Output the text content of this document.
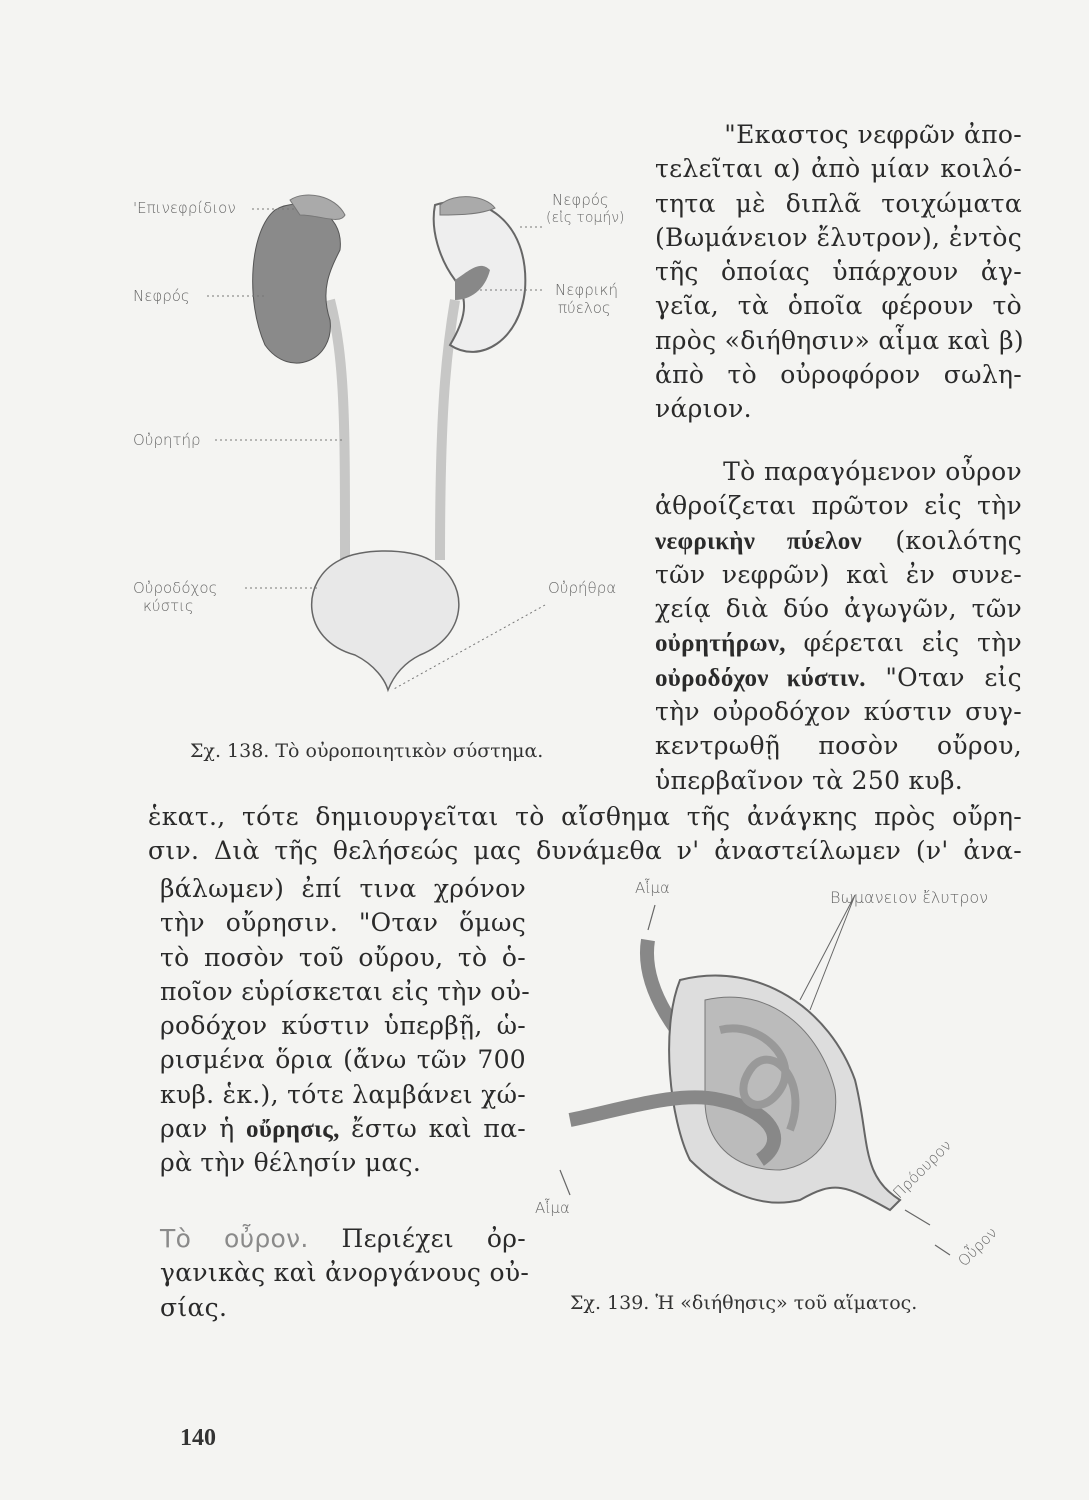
'Επινεφρίδιον
Νεφρός
Νεφρός
(εἰς τομήν)
Νεφρική
πύελος
Οὐρητήρ
Οὐροδόχος
κύστις
Οὐρήθρα
Σχ. 138. Τὸ οὐροποιητικὸν σύστημα.
Αἷμα	Βωμανειον ἔλυτρον
Αἷμα
Πρόουρον
Οὖρον
Σχ. 139. Ἡ «διήθησις» τοῦ αἵματος.
"Εκαστος νεφρῶν ἀπο-
τελεῖται α) ἀπὸ μίαν κοιλό-
τητα μὲ διπλᾶ τοιχώματα
(Βωμάνειον ἔλυτρον), ἐντὸς
τῆς ὁποίας ὑπάρχουν ἀγ-
γεῖα, τὰ ὁποῖα φέρουν τὸ
πρὸς «διήθησιν» αἷμα καὶ β)
ἀπὸ τὸ οὐροφόρον σωλη-
νάριον.
Τὸ παραγόμενον οὖρον
ἀθροίζεται πρῶτον εἰς τὴν
νεφρικὴν πύελον (κοιλότης
τῶν νεφρῶν) καὶ ἐν συνε-
χείᾳ διὰ δύο ἀγωγῶν, τῶν
οὐρητήρων, φέρεται εἰς τὴν
οὐροδόχον κύστιν. "Οταν εἰς
τὴν οὐροδόχον κύστιν συγ-
κεντρωθῇ ποσὸν οὔρου,
ὑπερβαῖνον τὰ 250 κυβ.
ἑκατ., τότε δημιουργεῖται τὸ αἴσθημα τῆς ἀνάγκης πρὸς οὔρη-
σιν. Διὰ τῆς θελήσεώς μας δυνάμεθα ν' ἀναστείλωμεν (ν' ἀνα-
βάλωμεν) ἐπί τινα χρόνον
τὴν οὔρησιν. "Οταν ὅμως
τὸ ποσὸν τοῦ οὔρου, τὸ ὁ-
ποῖον εὑρίσκεται εἰς τὴν οὐ-
ροδόχον κύστιν ὑπερβῇ, ὡ-
ρισμένα ὅρια (ἄνω τῶν 700
κυβ. ἑκ.), τότε λαμβάνει χώ-
ραν ἡ οὔρησις, ἔστω καὶ πα-
ρὰ τὴν θέλησίν μας.
Τὸ οὖρον. Περιέχει ὀρ-
γανικὰς καὶ ἀνοργάνους οὐ-
σίας.
140
